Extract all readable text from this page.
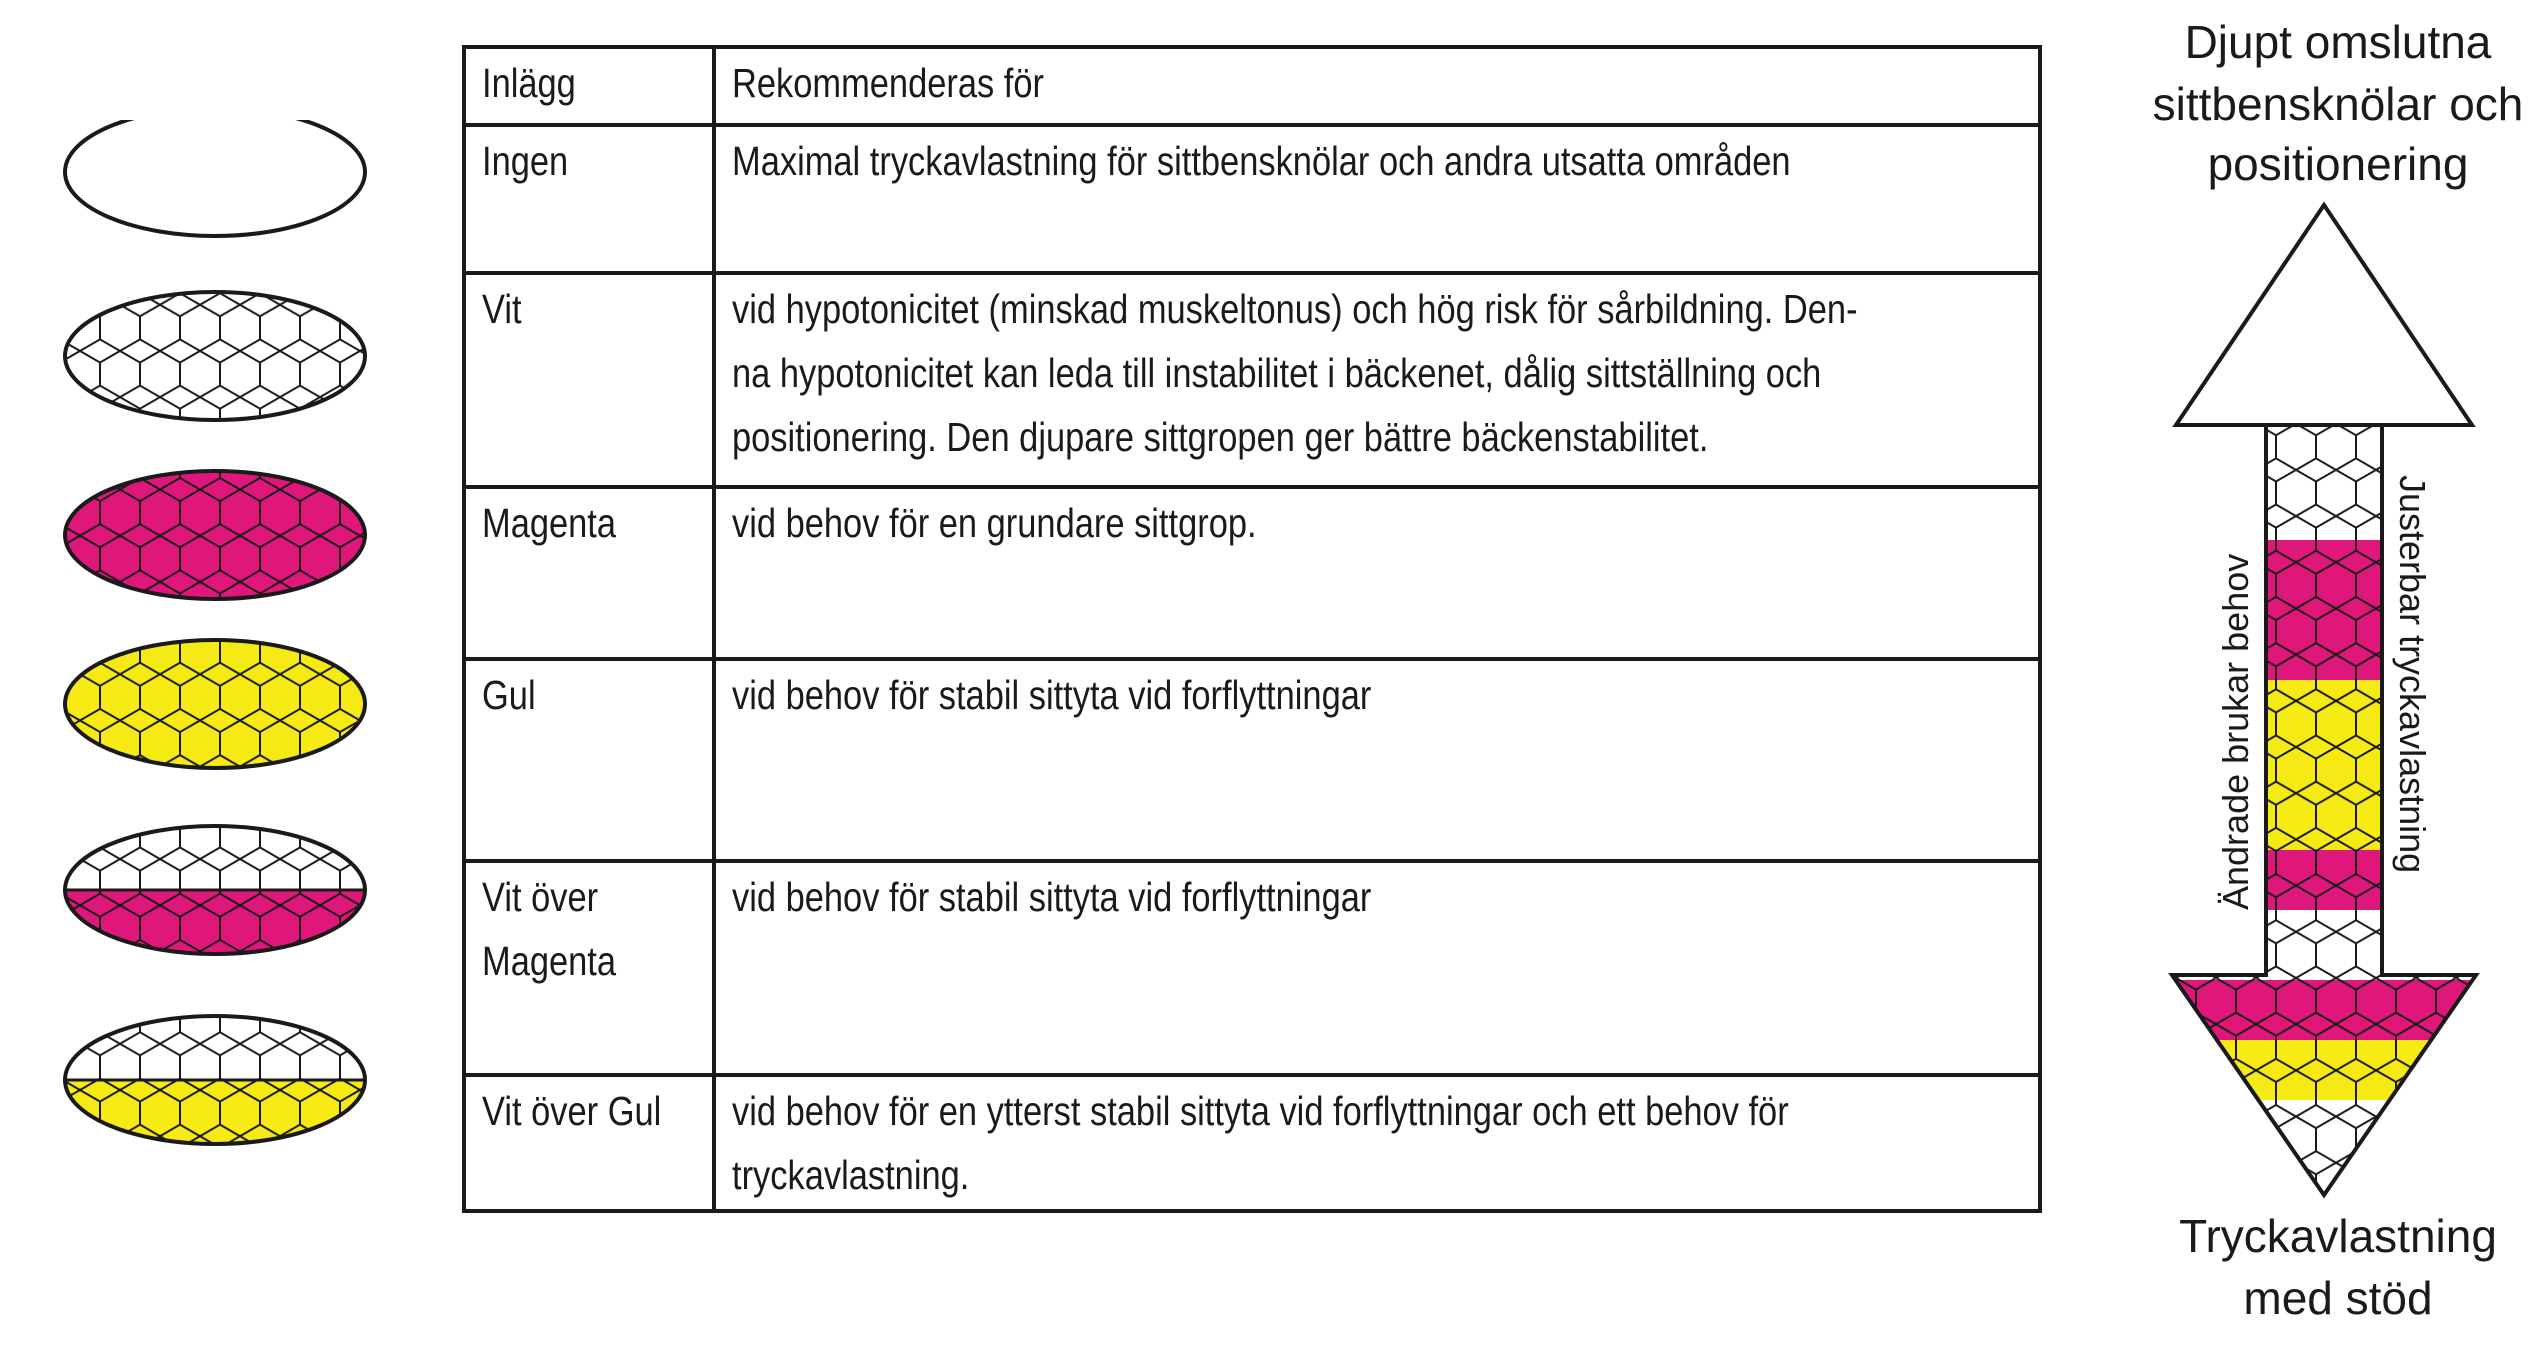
Inlägg	Rekommenderas för
Ingen	Maximal tryckavlastning för sittbensknölar och andra utsatta områden
Vit	vid hypotonicitet (minskad muskeltonus) och hög risk för sårbildning. Den-
na hypotonicitet kan leda till instabilitet i bäckenet, dålig sittställning och
positionering. Den djupare sittgropen ger bättre bäckenstabilitet.
Magenta	vid behov för en grundare sittgrop.
Gul	vid behov för stabil sittyta vid forflyttningar
Vit över
Magenta	vid behov för stabil sittyta vid forflyttningar
Vit över Gul	vid behov för en ytterst stabil sittyta vid forflyttningar och ett behov för
tryckavlastning.
Djupt omslutna
sittbensknölar och
positionering
Ändrade brukar behov	Justerbar tryckavlastning
Tryckavlastning
med stöd
